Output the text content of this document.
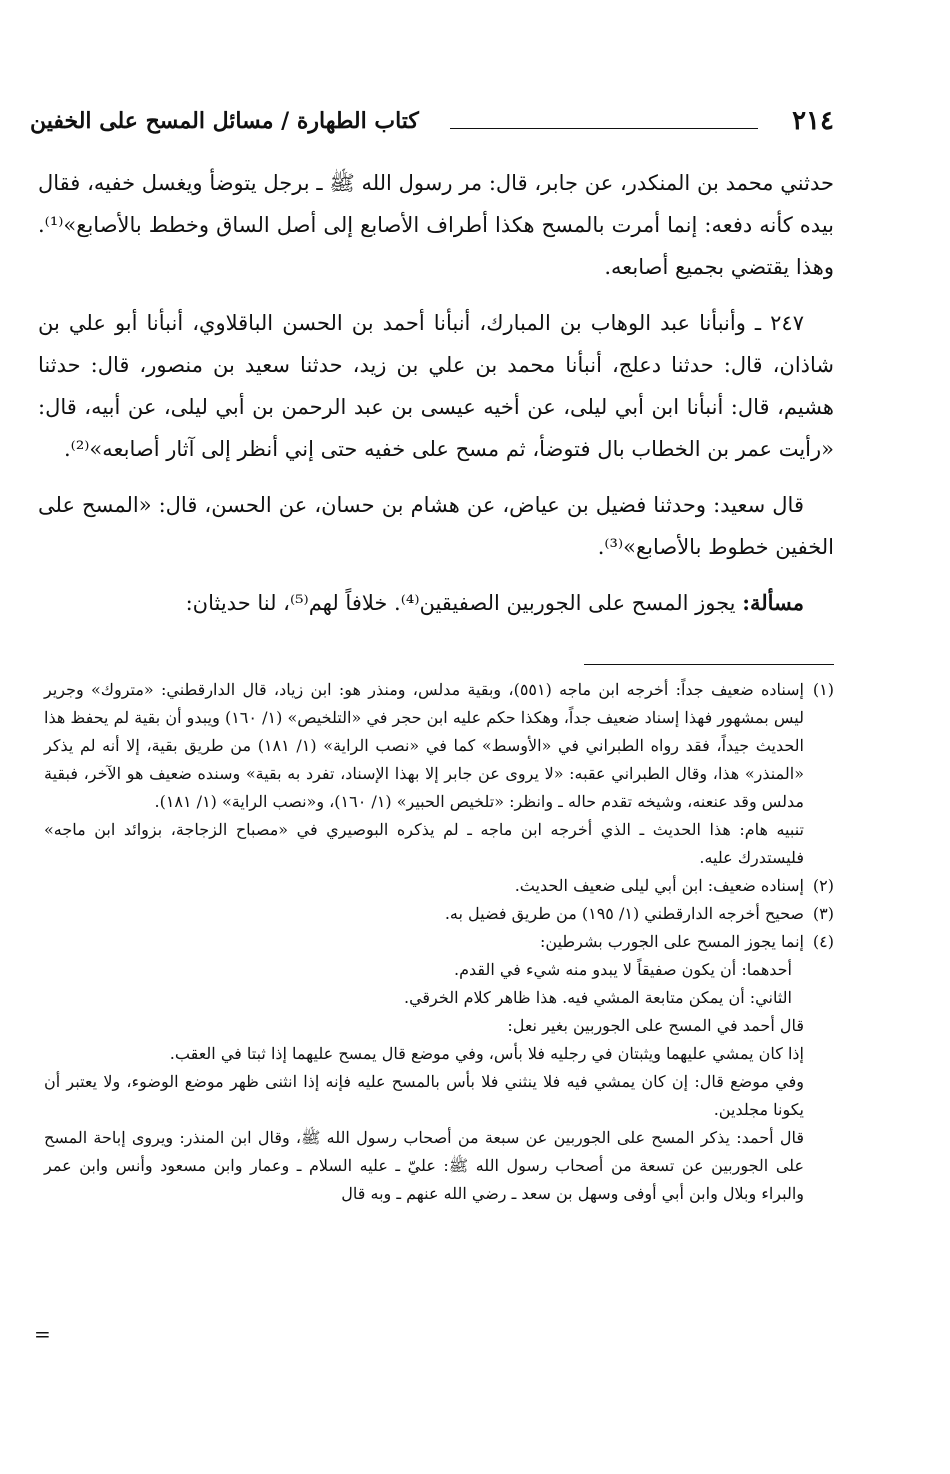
٢١٤
كتاب الطهارة / مسائل المسح على الخفين

حدثني محمد بن المنكدر، عن جابر، قال: مر رسول الله ﷺ ـ برجل يتوضأ ويغسل خفيه، فقال بيده كأنه دفعه: إنما أمرت بالمسح هكذا أطراف الأصابع إلى أصل الساق وخطط بالأصابع»⁽¹⁾. وهذا يقتضي بجميع أصابعه.

٢٤٧ ـ وأنبأنا عبد الوهاب بن المبارك، أنبأنا أحمد بن الحسن الباقلاوي، أنبأنا أبو علي بن شاذان، قال: حدثنا دعلج، أنبأنا محمد بن علي بن زيد، حدثنا سعيد بن منصور، قال: حدثنا هشيم، قال: أنبأنا ابن أبي ليلى، عن أخيه عيسى بن عبد الرحمن بن أبي ليلى، عن أبيه، قال: «رأيت عمر بن الخطاب بال فتوضأ، ثم مسح على خفيه حتى إني أنظر إلى آثار أصابعه»⁽²⁾.

قال سعيد: وحدثنا فضيل بن عياض، عن هشام بن حسان، عن الحسن، قال: «المسح على الخفين خطوط بالأصابع»⁽³⁾.

مسألة: يجوز المسح على الجوربين الصفيقين⁽⁴⁾. خلافاً لهم⁽⁵⁾، لنا حديثان:

(١)

إسناده ضعيف جداً: أخرجه ابن ماجه (٥٥١)، وبقية مدلس، ومنذر هو: ابن زياد، قال الدارقطني: «متروك» وجرير ليس بمشهور فهذا إسناد ضعيف جداً، وهكذا حكم عليه ابن حجر في «التلخيص» (١/ ١٦٠) ويبدو أن بقية لم يحفظ هذا الحديث جيداً، فقد رواه الطبراني في «الأوسط» كما في «نصب الراية» (١/ ١٨١) من طريق بقية، إلا أنه لم يذكر «المنذر» هذا، وقال الطبراني عقبه: «لا يروى عن جابر إلا بهذا الإسناد، تفرد به بقية» وسنده ضعيف هو الآخر، فبقية مدلس وقد عنعنه، وشيخه تقدم حاله ـ وانظر: «تلخيص الحبير» (١/ ١٦٠)، و«نصب الراية» (١/ ١٨١).

تنبيه هام: هذا الحديث ـ الذي أخرجه ابن ماجه ـ لم يذكره البوصيري في «مصباح الزجاجة، بزوائد ابن ماجه» فليستدرك عليه.

(٢)

إسناده ضعيف: ابن أبي ليلى ضعيف الحديث.

(٣)

صحيح أخرجه الدارقطني (١/ ١٩٥) من طريق فضيل به.

(٤)

إنما يجوز المسح على الجورب بشرطين:

أحدهما: أن يكون صفيقاً لا يبدو منه شيء في القدم.

الثاني: أن يمكن متابعة المشي فيه. هذا ظاهر كلام الخرقي.

قال أحمد في المسح على الجوربين بغير نعل:

إذا كان يمشي عليهما ويثبتان في رجليه فلا بأس، وفي موضع قال يمسح عليهما إذا ثبتا في العقب.

وفي موضع قال: إن كان يمشي فيه فلا ينثني فلا بأس بالمسح عليه فإنه إذا انثنى ظهر موضع الوضوء، ولا يعتبر أن يكونا مجلدين.

قال أحمد: يذكر المسح على الجوربين عن سبعة من أصحاب رسول الله ﷺ، وقال ابن المنذر: ويروى إباحة المسح على الجوربين عن تسعة من أصحاب رسول الله ﷺ: عليّ ـ عليه السلام ـ وعمار وابن مسعود وأنس وابن عمر والبراء وبلال وابن أبي أوفى وسهل بن سعد ـ رضي الله عنهم ـ وبه قال

=
